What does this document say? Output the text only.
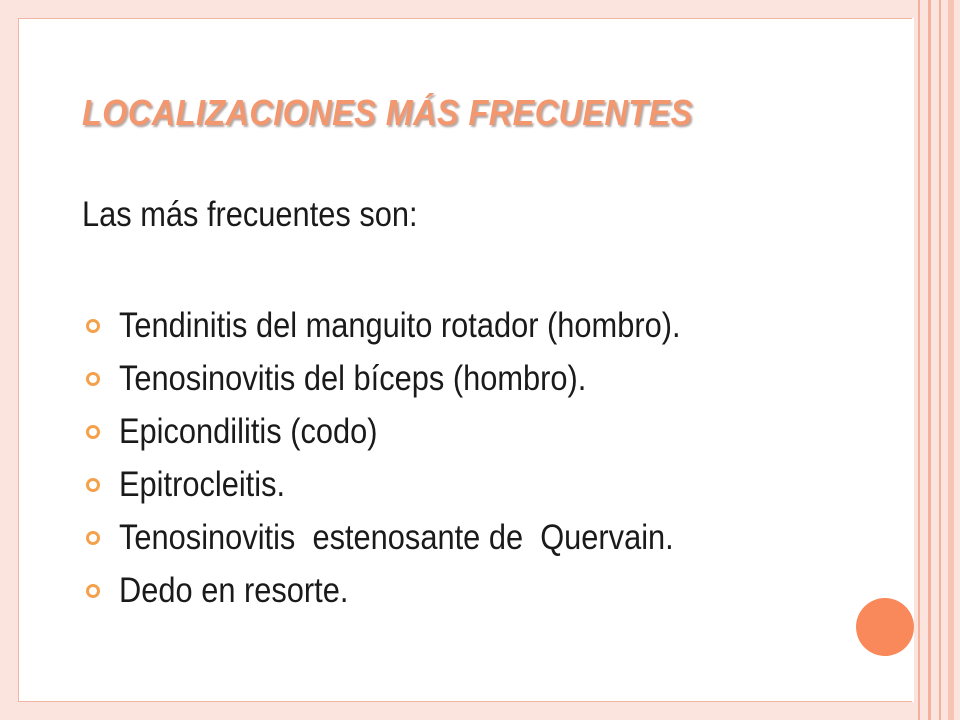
LOCALIZACIONES MÁS FRECUENTES
Las más frecuentes son:
Tendinitis del manguito rotador (hombro).
Tenosinovitis del bíceps (hombro).
Epicondilitis (codo)
Epitrocleitis.
Tenosinovitis  estenosante de  Quervain.
Dedo en resorte.
